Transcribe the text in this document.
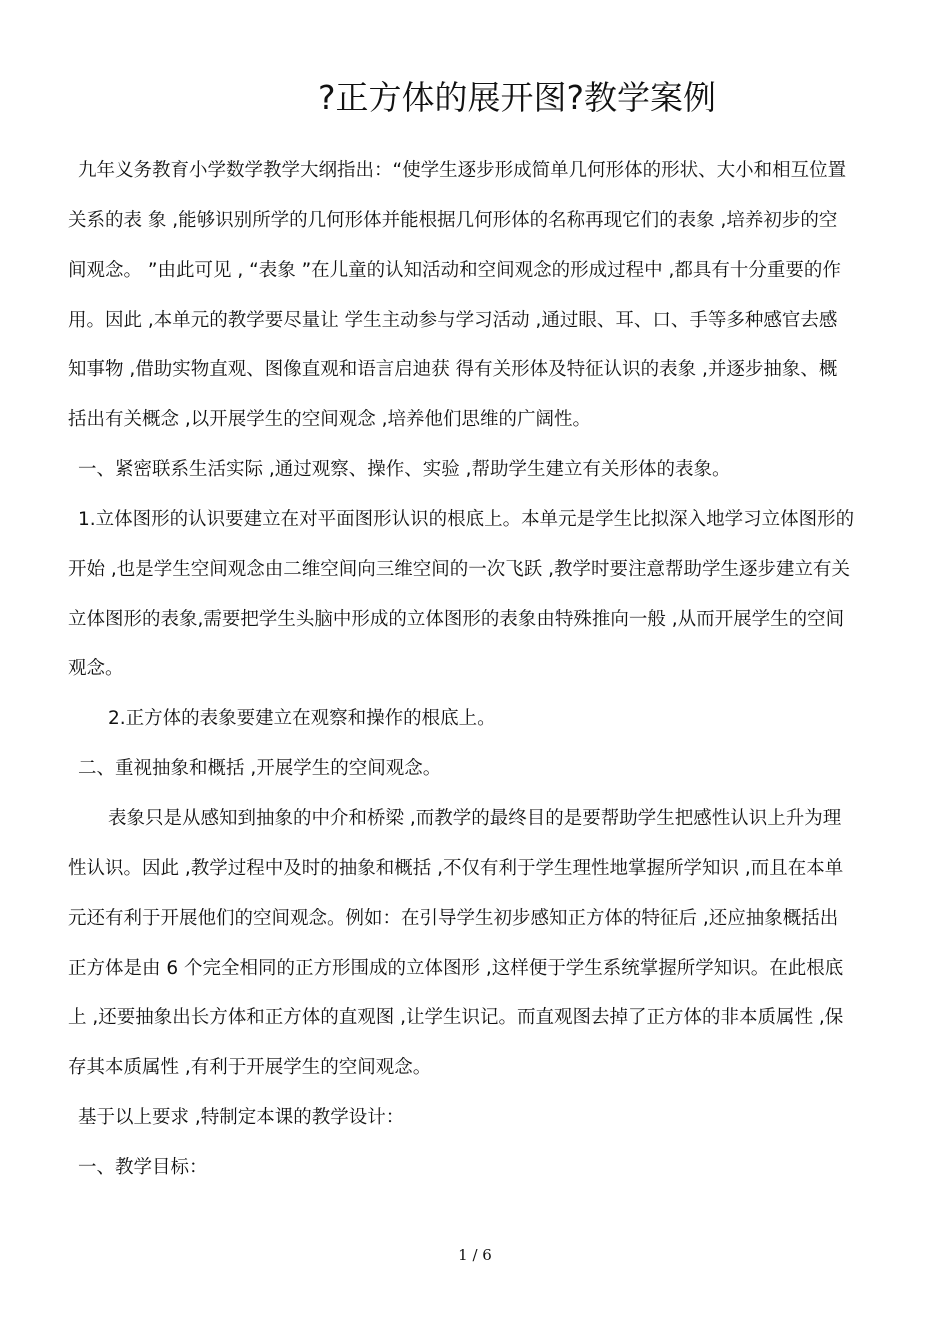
?正方体的展开图?教学案例
九年义务教育小学数学教学大纲指出：“使学生逐步形成简单几何形体的形状、大小和相互位置
关系的表 象 ,能够识别所学的几何形体并能根据几何形体的名称再现它们的表象 ,培养初步的空
间观念。 ”由此可见 , “表象 ”在儿童的认知活动和空间观念的形成过程中 ,都具有十分重要的作
用。因此 ,本单元的教学要尽量让 学生主动参与学习活动 ,通过眼、耳、口、手等多种感官去感
知事物 ,借助实物直观、图像直观和语言启迪获 得有关形体及特征认识的表象 ,并逐步抽象、概
括出有关概念 ,以开展学生的空间观念 ,培养他们思维的广阔性。
一、紧密联系生活实际 ,通过观察、操作、实验 ,帮助学生建立有关形体的表象。
1.立体图形的认识要建立在对平面图形认识的根底上。本单元是学生比拟深入地学习立体图形的
开始 ,也是学生空间观念由二维空间向三维空间的一次飞跃 ,教学时要注意帮助学生逐步建立有关
立体图形的表象,需要把学生头脑中形成的立体图形的表象由特殊推向一般 ,从而开展学生的空间
观念。
2.正方体的表象要建立在观察和操作的根底上。
二、重视抽象和概括 ,开展学生的空间观念。
表象只是从感知到抽象的中介和桥梁 ,而教学的最终目的是要帮助学生把感性认识上升为理
性认识。因此 ,教学过程中及时的抽象和概括 ,不仅有利于学生理性地掌握所学知识 ,而且在本单
元还有利于开展他们的空间观念。例如：在引导学生初步感知正方体的特征后 ,还应抽象概括出
正方体是由 6 个完全相同的正方形围成的立体图形 ,这样便于学生系统掌握所学知识。在此根底
上 ,还要抽象出长方体和正方体的直观图 ,让学生识记。而直观图去掉了正方体的非本质属性 ,保
存其本质属性 ,有利于开展学生的空间观念。
基于以上要求 ,特制定本课的教学设计：
一、教学目标：
1 / 6
